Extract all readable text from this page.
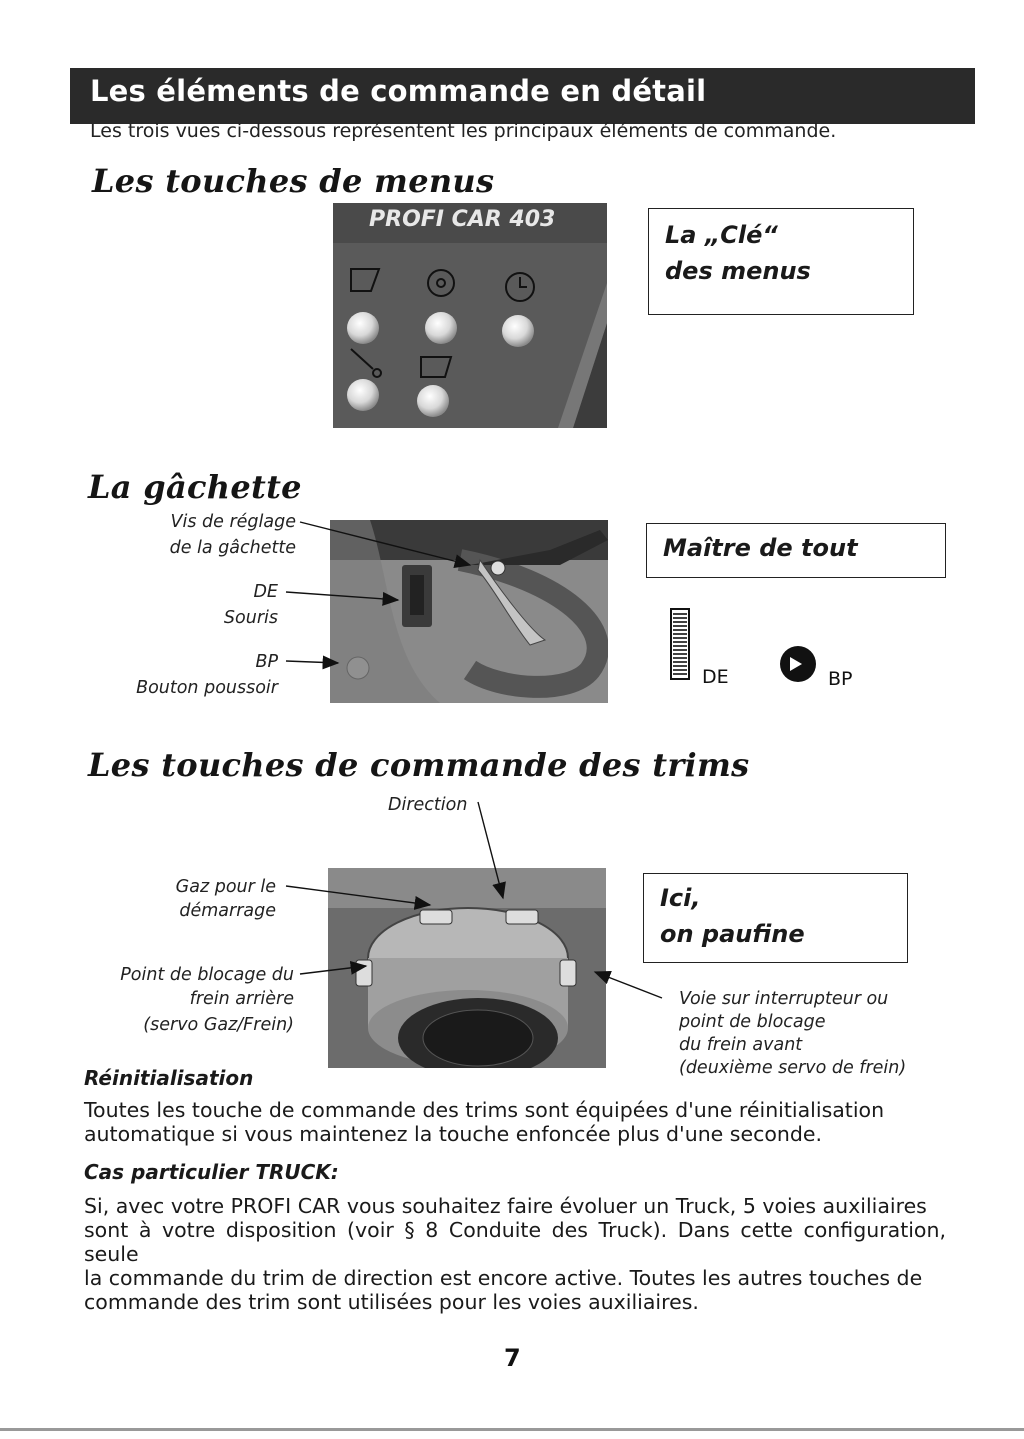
Les éléments de commande en détail
Les trois vues ci-dessous représentent les principaux éléments de commande.
Les touches de menus
PROFI CAR 403
La „Clé“
des menus
La gâchette
Vis de réglage
de la gâchette
DE
Souris
BP
Bouton poussoir
Maître de tout
DE	BP
Les touches de commande des trims
Direction
Gaz pour le
démarrage
Point de blocage du
frein arrière
(servo Gaz/Frein)
Voie sur interrupteur ou
point de blocage
du frein avant
(deuxième servo de frein)
Ici,
on paufine
Réinitialisation
Toutes les touche de commande des trims sont équipées d'une réinitialisation
automatique si vous maintenez la touche enfoncée plus d'une seconde.
Cas particulier TRUCK:
Si, avec votre PROFI CAR vous souhaitez faire évoluer un Truck, 5 voies auxiliaires
sont à votre disposition (voir § 8 Conduite des Truck). Dans cette configuration, seule
la commande du trim de direction est encore active. Toutes les autres touches de
commande des trim sont utilisées pour les voies auxiliaires.
7
